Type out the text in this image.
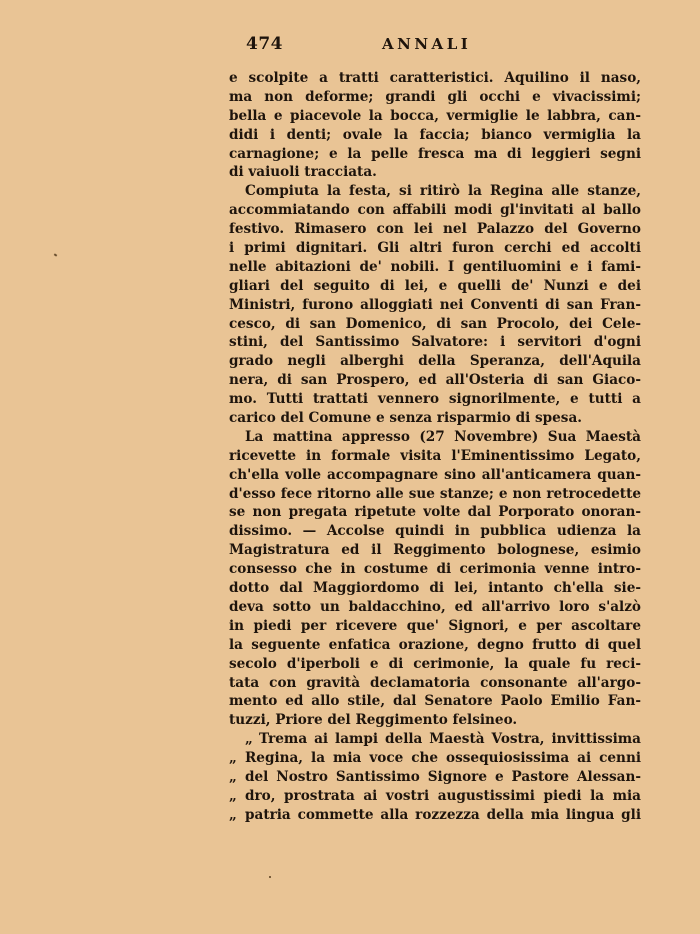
474	ANNALI
e scolpite a tratti caratteristici. Aquilino il naso,
ma non deforme; grandi gli occhi e vivacissimi;
bella e piacevole la bocca, vermiglie le labbra, can-
didi i denti; ovale la faccia; bianco vermiglia la
carnagione; e la pelle fresca ma di leggieri segni
di vaiuoli tracciata.
Compiuta la festa, si ritirò la Regina alle stanze,
accommiatando con affabili modi gl'invitati al ballo
festivo. Rimasero con lei nel Palazzo del Governo
i primi dignitari. Gli altri furon cerchi ed accolti
nelle abitazioni de' nobili. I gentiluomini e i fami-
gliari del seguito di lei, e quelli de' Nunzi e dei
Ministri, furono alloggiati nei Conventi di san Fran-
cesco, di san Domenico, di san Procolo, dei Cele-
stini, del Santissimo Salvatore: i servitori d'ogni
grado negli alberghi della Speranza, dell'Aquila
nera, di san Prospero, ed all'Osteria di san Giaco-
mo. Tutti trattati vennero signorilmente, e tutti a
carico del Comune e senza risparmio di spesa.
La mattina appresso (27 Novembre) Sua Maestà
ricevette in formale visita l'Eminentissimo Legato,
ch'ella volle accompagnare sino all'anticamera quan-
d'esso fece ritorno alle sue stanze; e non retrocedette
se non pregata ripetute volte dal Porporato onoran-
dissimo. — Accolse quindi in pubblica udienza la
Magistratura ed il Reggimento bolognese, esimio
consesso che in costume di cerimonia venne intro-
dotto dal Maggiordomo di lei, intanto ch'ella sie-
deva sotto un baldacchino, ed all'arrivo loro s'alzò
in piedi per ricevere que' Signori, e per ascoltare
la seguente enfatica orazione, degno frutto di quel
secolo d'iperboli e di cerimonie, la quale fu reci-
tata con gravità declamatoria consonante all'argo-
mento ed allo stile, dal Senatore Paolo Emilio Fan-
tuzzi, Priore del Reggimento felsineo.
„ Trema ai lampi della Maestà Vostra, invittissima
„ Regina, la mia voce che ossequiosissima ai cenni
„ del Nostro Santissimo Signore e Pastore Alessan-
„ dro, prostrata ai vostri augustissimi piedi la mia
„ patria commette alla rozzezza della mia lingua gli
